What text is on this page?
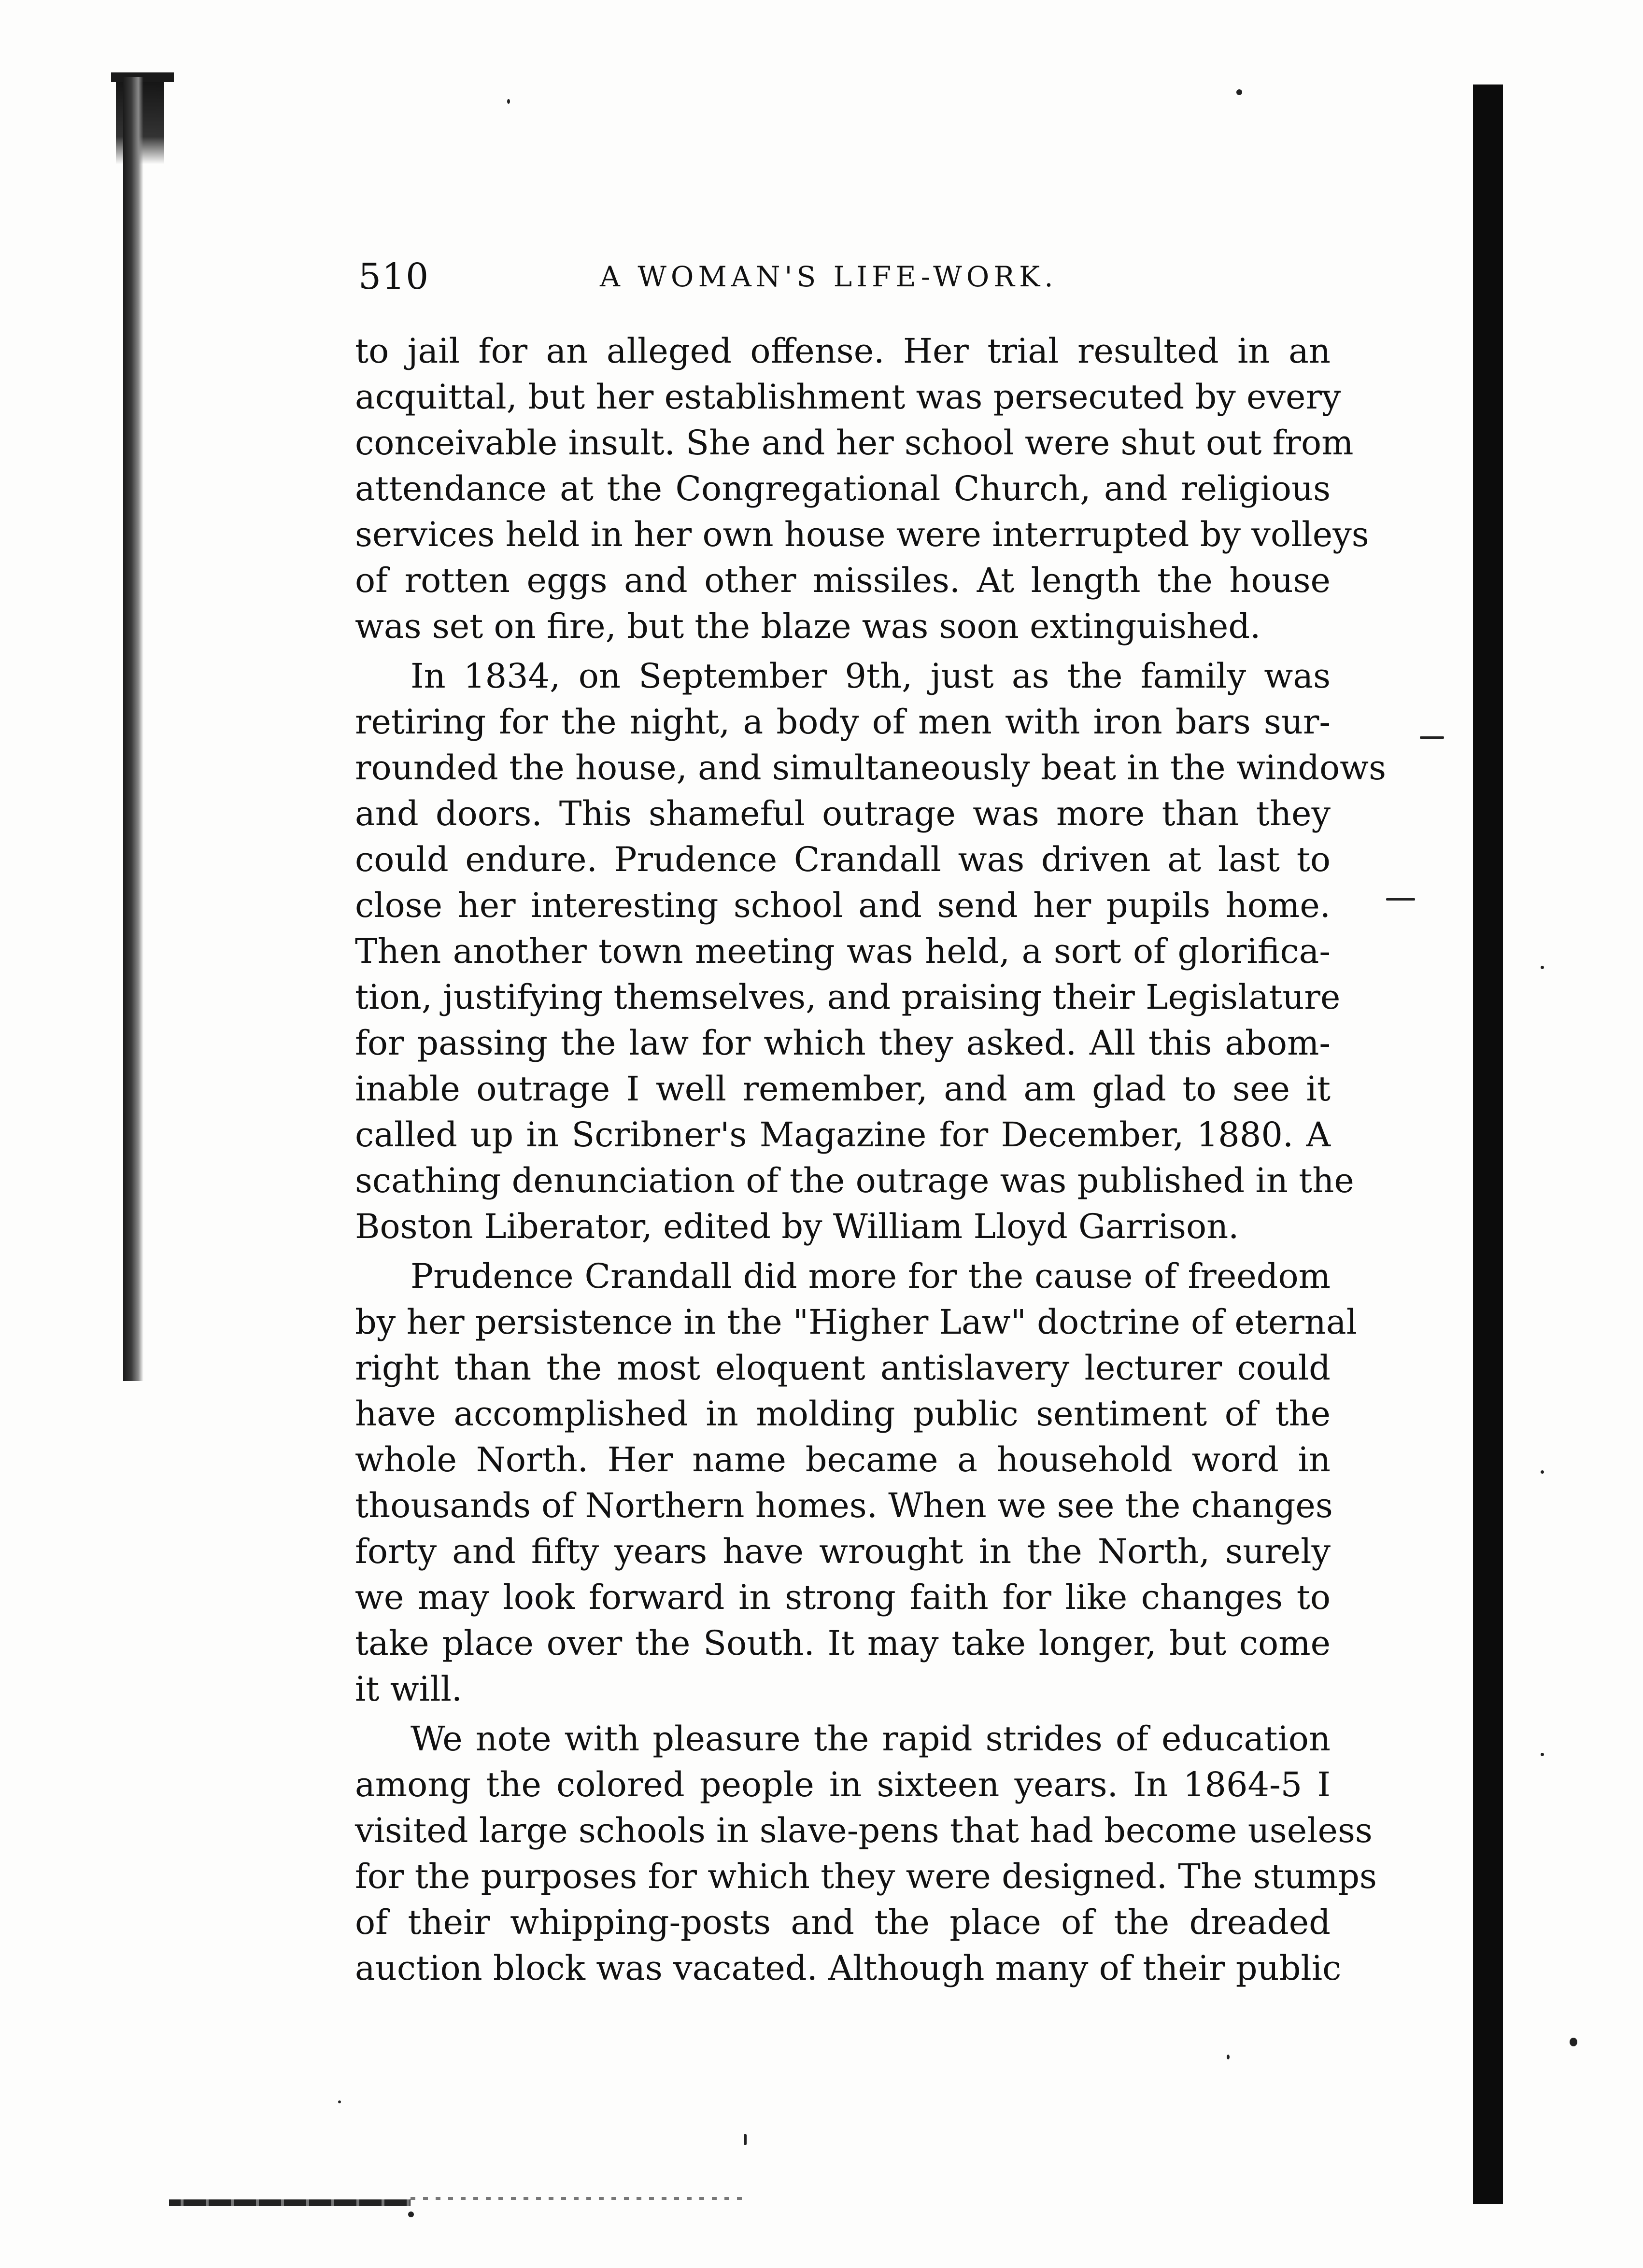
510	A WOMAN'S LIFE-WORK.
to jail for an alleged offense. Her trial resulted in an
acquittal, but her establishment was persecuted by every
conceivable insult. She and her school were shut out from
attendance at the Congregational Church, and religious
services held in her own house were interrupted by volleys
of rotten eggs and other missiles. At length the house
was set on fire, but the blaze was soon extinguished.
In 1834, on September 9th, just as the family was
retiring for the night, a body of men with iron bars sur-
rounded the house, and simultaneously beat in the windows
and doors. This shameful outrage was more than they
could endure. Prudence Crandall was driven at last to
close her interesting school and send her pupils home.
Then another town meeting was held, a sort of glorifica-
tion, justifying themselves, and praising their Legislature
for passing the law for which they asked. All this abom-
inable outrage I well remember, and am glad to see it
called up in Scribner's Magazine for December, 1880. A
scathing denunciation of the outrage was published in the
Boston Liberator, edited by William Lloyd Garrison.
Prudence Crandall did more for the cause of freedom
by her persistence in the "Higher Law" doctrine of eternal
right than the most eloquent antislavery lecturer could
have accomplished in molding public sentiment of the
whole North. Her name became a household word in
thousands of Northern homes. When we see the changes
forty and fifty years have wrought in the North, surely
we may look forward in strong faith for like changes to
take place over the South. It may take longer, but come
it will.
We note with pleasure the rapid strides of education
among the colored people in sixteen years. In 1864-5 I
visited large schools in slave-pens that had become useless
for the purposes for which they were designed. The stumps
of their whipping-posts and the place of the dreaded
auction block was vacated. Although many of their public
